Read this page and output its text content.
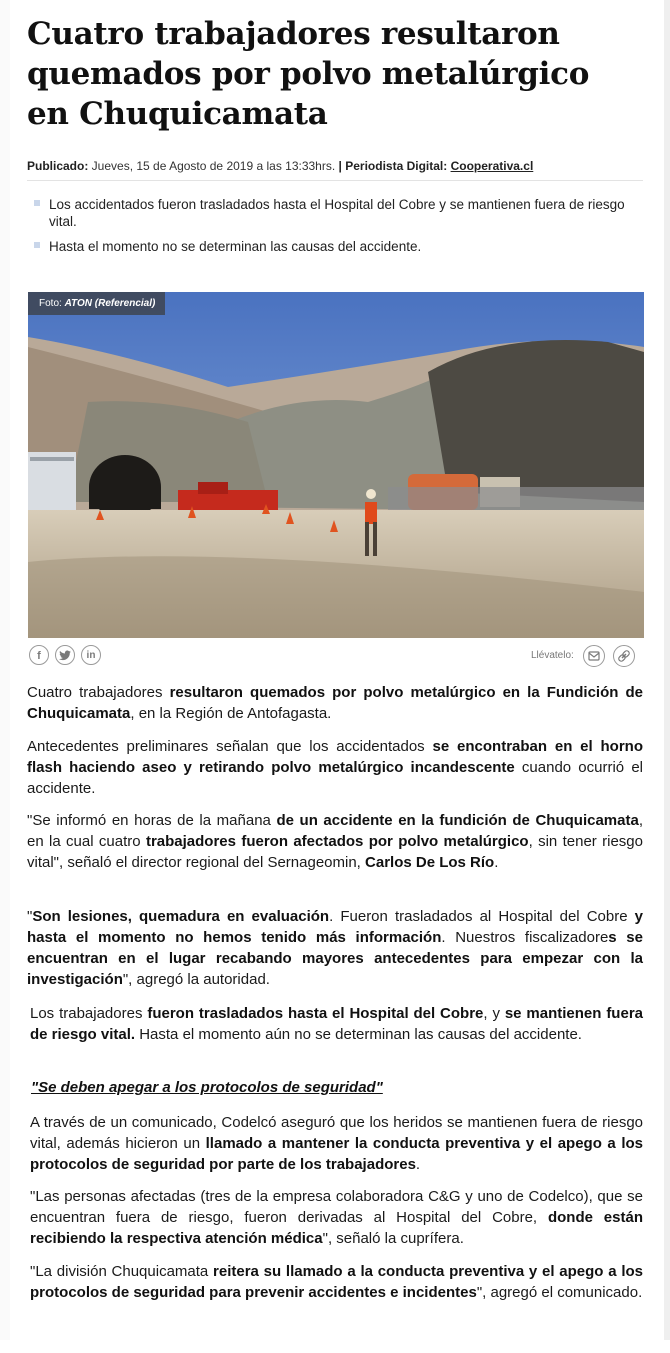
Cuatro trabajadores resultaron quemados por polvo metalúrgico en Chuquicamata
Publicado: Jueves, 15 de Agosto de 2019 a las 13:33hrs. | Periodista Digital: Cooperativa.cl
Los accidentados fueron trasladados hasta el Hospital del Cobre y se mantienen fuera de riesgo vital.
Hasta el momento no se determinan las causas del accidente.
Foto: ATON (Referencial)
f	in	Llévatelo:

Cuatro trabajadores resultaron quemados por polvo metalúrgico en la Fundición de Chuquicamata, en la Región de Antofagasta.

Antecedentes preliminares señalan que los accidentados se encontraban en el horno flash haciendo aseo y retirando polvo metalúrgico incandescente cuando ocurrió el accidente.

"Se informó en horas de la mañana de un accidente en la fundición de Chuquicamata, en la cual cuatro trabajadores fueron afectados por polvo metalúrgico, sin tener riesgo vital", señaló el director regional del Sernageomin, Carlos De Los Río.

"Son lesiones, quemadura en evaluación. Fueron trasladados al Hospital del Cobre y hasta el momento no hemos tenido más información. Nuestros fiscalizadores se encuentran en el lugar recabando mayores antecedentes para empezar con la investigación", agregó la autoridad.

Los trabajadores fueron trasladados hasta el Hospital del Cobre, y se mantienen fuera de riesgo vital. Hasta el momento aún no se determinan las causas del accidente.

"Se deben apegar a los protocolos de seguridad"

A través de un comunicado, Codelcó aseguró que los heridos se mantienen fuera de riesgo vital, además hicieron un llamado a mantener la conducta preventiva y el apego a los protocolos de seguridad por parte de los trabajadores.

"Las personas afectadas (tres de la empresa colaboradora C&G y uno de Codelco), que se encuentran fuera de riesgo, fueron derivadas al Hospital del Cobre, donde están recibiendo la respectiva atención médica", señaló la cuprífera.

"La división Chuquicamata reitera su llamado a la conducta preventiva y el apego a los protocolos de seguridad para prevenir accidentes e incidentes", agregó el comunicado.
